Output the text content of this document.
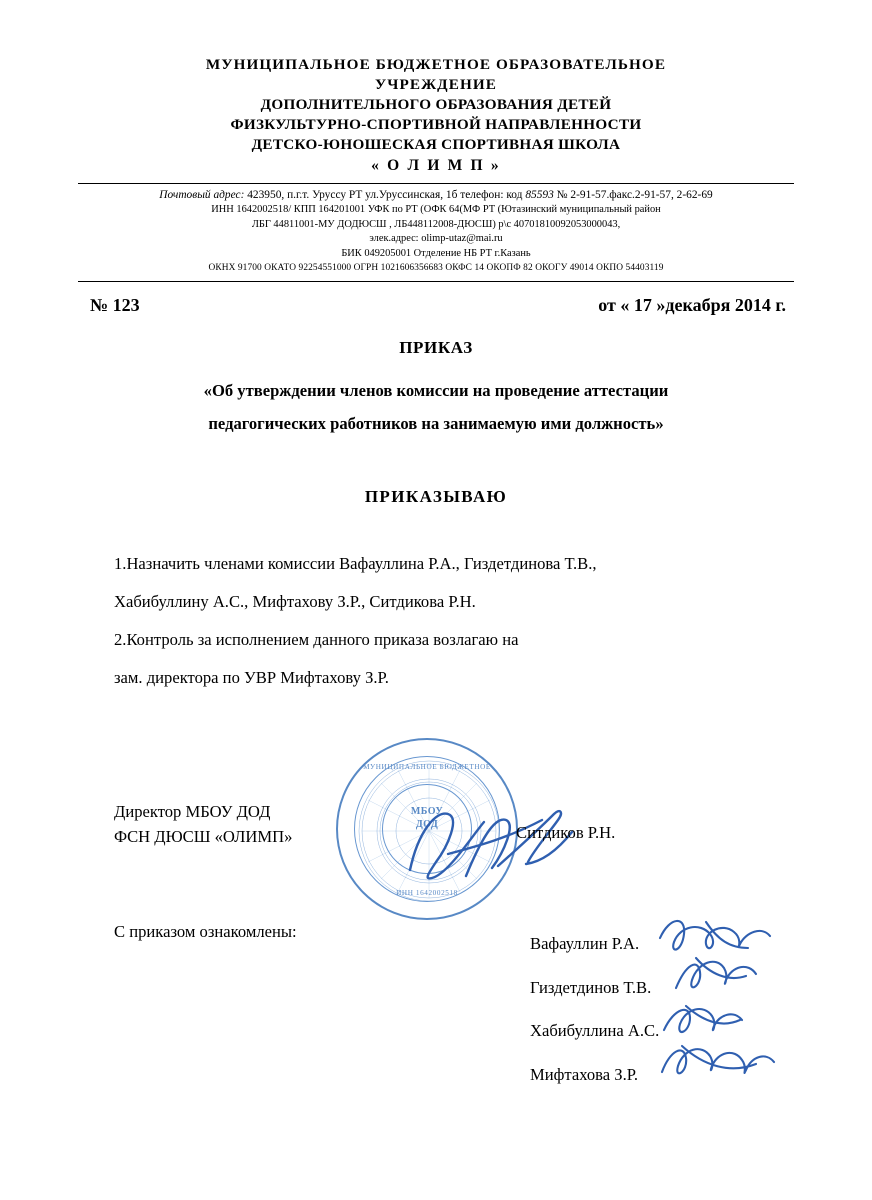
МУНИЦИПАЛЬНОЕ БЮДЖЕТНОЕ ОБРАЗОВАТЕЛЬНОЕ
УЧРЕЖДЕНИЕ
ДОПОЛНИТЕЛЬНОГО ОБРАЗОВАНИЯ ДЕТЕЙ
ФИЗКУЛЬТУРНО-СПОРТИВНОЙ НАПРАВЛЕННОСТИ
ДЕТСКО-ЮНОШЕСКАЯ СПОРТИВНАЯ ШКОЛА
« О Л И М П »
Почтовый адрес: 423950, п.г.т. Уруссу РТ ул.Уруссинская, 1б телефон: код 85593 № 2-91-57.факс.2-91-57, 2-62-69
ИНН 1642002518/ КПП 164201001 УФК по РТ (ОФК 64(МФ РТ (Ютазинский муниципальный район
ЛБГ 44811001-МУ ДОДЮСШ , ЛБ448112008-ДЮСШ) р\с 40701810092053000043,
элек.адрес: olimp-utaz@mai.ru
БИК 049205001 Отделение НБ РТ г.Казань
ОКНХ 91700 ОКАТО 92254551000 ОГРН 1021606356683 ОКФС 14 ОКОПФ 82 ОКОГУ 49014 ОКПО 54403119
№ 123	от « 17 »декабря 2014 г.
ПРИКАЗ
«Об утверждении членов комиссии на проведение аттестации
педагогических работников на занимаемую ими должность»
ПРИКАЗЫВАЮ

1.Назначить членами комиссии Вафауллина Р.А., Гиздетдинова Т.В.,

Хабибуллину А.С., Мифтахову З.Р., Ситдикова Р.Н.

2.Контроль за исполнением данного приказа возлагаю на

зам. директора по УВР Мифтахову З.Р.

МУНИЦИПАЛЬНОЕ БЮДЖЕТНОЕ
МБОУ
ДОД
ИНН 1642002518
Директор МБОУ ДОД
ФСН ДЮСШ «ОЛИМП»	Ситдиков Р.Н.
С приказом ознакомлены:
Вафауллин Р.А.
Гиздетдинов Т.В.
Хабибуллина А.С.
Мифтахова З.Р.
